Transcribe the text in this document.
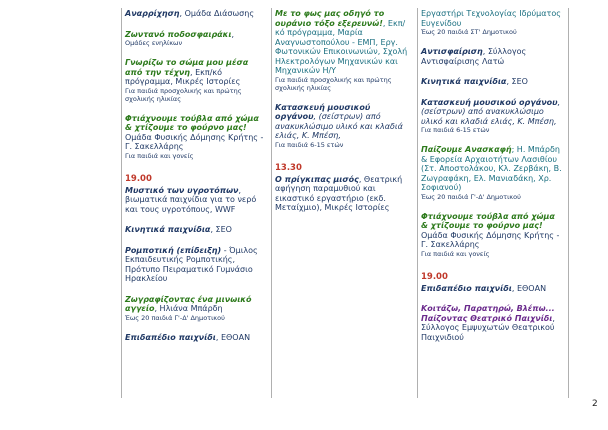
Αναρρίχηση, Ομάδα Διάσωσης

Ζωντανό ποδοσφαιράκι,

Ομάδες ενηλίκων

Γνωρίζω το σώμα μου μέσα από την τέχνη, Εκπ/κό πρόγραμμα, Μικρές Ιστορίες

Για παιδιά προσχολικής και πρώτης σχολικής ηλικίας

Φτιάχνουμε τούβλα από χώμα & χτίζουμε το φούρνο μας!

Ομάδα Φυσικής Δόμησης Κρήτης - Γ. Σακελλάρης

Για παιδιά και γονείς

19.00

Μυστικό των υγροτόπων, βιωματικά παιχνίδια για το νερό και τους υγροτόπους, WWF

Κινητικά παιχνίδια, ΣΕΟ

Ρομποτική (επίδειξη) - Όμιλος Εκπαιδευτικής Ρομποτικής, Πρότυπο Πειραματικό Γυμνάσιο Ηρακλείου

Ζωγραφίζοντας ένα μινωικό αγγείο, Ηλιάνα Μπάρδη

Έως 20 παιδιά Γ'-Δ' Δημοτικού

Επιδαπέδιο παιχνίδι, ΕΘΟΑΝ

Με το φως μας οδηγό το ουράνιο τόξο εξερευνώ!, Εκπ/κό πρόγραμμα, Μαρία Αναγνωστοπούλου - ΕΜΠ, Εργ. Φωτονικών Επικοινωνιών, Σχολή Ηλεκτρολόγων Μηχανικών και Μηχανικών Η/Υ

Για παιδιά προσχολικής και πρώτης σχολικής ηλικίας

Κατασκευή μουσικού οργάνου, (σείστρων) από ανακυκλώσιμο υλικό και κλαδιά ελιάς, Κ. Μπέση,

Για παιδιά 6-15 ετών

13.30

Ο πρίγκιπας μισός, Θεατρική αφήγηση παραμυθιού και εικαστικό εργαστήριο (εκδ. Μεταίχμιο), Μικρές Ιστορίες

Εργαστήρι Τεχνολογίας Ιδρύματος Ευγενίδου

Έως 20 παιδιά ΣΤ' Δημοτικού

Αντισφαίριση, Σύλλογος Αντισφαίρισης Λατώ

Κινητικά παιχνίδια, ΣΕΟ

Κατασκευή μουσικού οργάνου, (σείστρων) από ανακυκλώσιμο υλικό και κλαδιά ελιάς, Κ. Μπέση,

Για παιδιά 6-15 ετών

Παίζουμε Ανασκαφή; Η. Μπάρδη & Εφορεία Αρχαιοτήτων Λασιθίου (Στ. Αποστολάκου, Κλ. Ζερβάκη, Β. Ζωγραφάκη, Ελ. Μανιαδάκη, Χρ. Σοφιανού)

Έως 20 παιδιά Γ'-Δ' Δημοτικού

Φτιάχνουμε τούβλα από χώμα & χτίζουμε το φούρνο μας! Ομάδα Φυσικής Δόμησης Κρήτης - Γ. Σακελλάρης

Για παιδιά και γονείς

19.00

Επιδαπέδιο παιχνίδι, ΕΘΟΑΝ

Κοιτάζω, Παρατηρώ, Βλέπω... Παίζοντας Θεατρικό Παιχνίδι, Σύλλογος Εμψυχωτών Θεατρικού Παιχνιδιού

2
